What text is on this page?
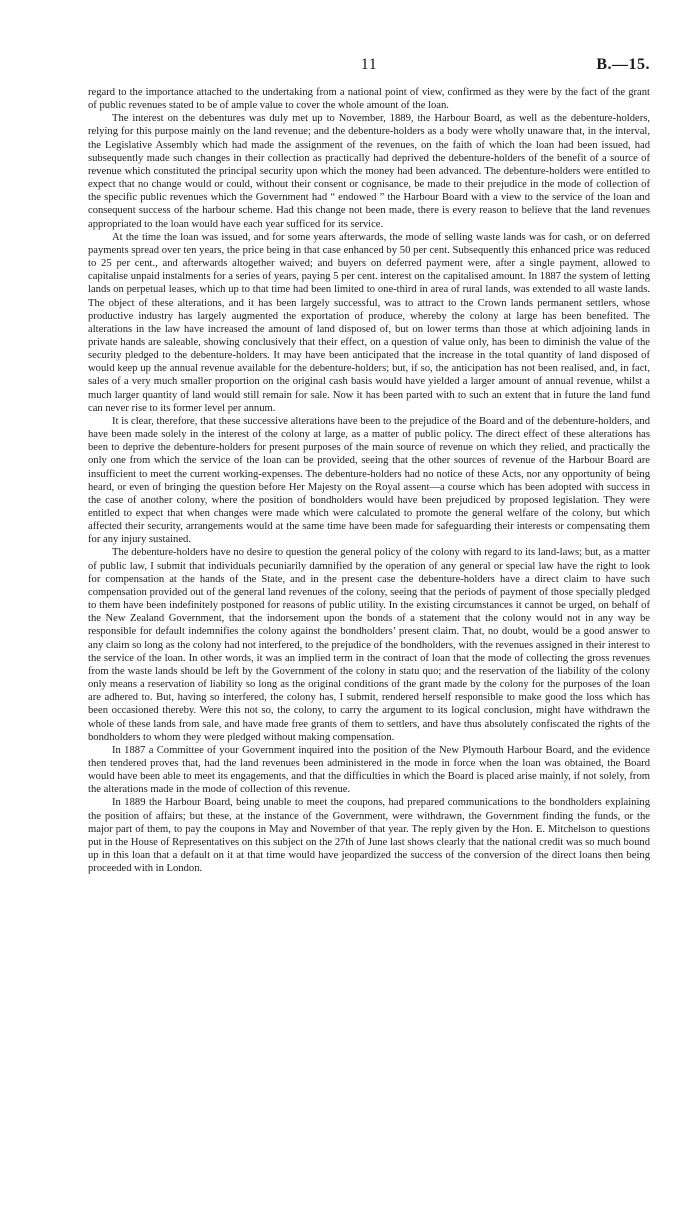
11	B.—15.

regard to the importance attached to the undertaking from a national point of view, confirmed as they were by the fact of the grant of public revenues stated to be of ample value to cover the whole amount of the loan.

The interest on the debentures was duly met up to November, 1889, the Harbour Board, as well as the debenture-holders, relying for this purpose mainly on the land revenue; and the debenture-holders as a body were wholly unaware that, in the interval, the Legislative Assembly which had made the assignment of the revenues, on the faith of which the loan had been issued, had subsequently made such changes in their collection as practically had deprived the debenture-holders of the benefit of a source of revenue which constituted the principal security upon which the money had been advanced. The debenture-holders were entitled to expect that no change would or could, without their consent or cognisance, be made to their prejudice in the mode of collection of the specific public revenues which the Government had “ endowed ” the Harbour Board with a view to the service of the loan and consequent success of the harbour scheme. Had this change not been made, there is every reason to believe that the land revenues appropriated to the loan would have each year sufficed for its service.

At the time the loan was issued, and for some years afterwards, the mode of selling waste lands was for cash, or on deferred payments spread over ten years, the price being in that case enhanced by 50 per cent. Subsequently this enhanced price was reduced to 25 per cent., and afterwards altogether waived; and buyers on deferred payment were, after a single payment, allowed to capitalise unpaid instalments for a series of years, paying 5 per cent. interest on the capitalised amount. In 1887 the system of letting lands on perpetual leases, which up to that time had been limited to one-third in area of rural lands, was extended to all waste lands. The object of these alterations, and it has been largely successful, was to attract to the Crown lands permanent settlers, whose productive industry has largely augmented the exportation of produce, whereby the colony at large has been benefited. The alterations in the law have increased the amount of land disposed of, but on lower terms than those at which adjoining lands in private hands are saleable, showing conclusively that their effect, on a question of value only, has been to diminish the value of the security pledged to the debenture-holders. It may have been anticipated that the increase in the total quantity of land disposed of would keep up the annual revenue available for the debenture-holders; but, if so, the anticipation has not been realised, and, in fact, sales of a very much smaller proportion on the original cash basis would have yielded a larger amount of annual revenue, whilst a much larger quantity of land would still remain for sale. Now it has been parted with to such an extent that in future the land fund can never rise to its former level per annum.

It is clear, therefore, that these successive alterations have been to the prejudice of the Board and of the debenture-holders, and have been made solely in the interest of the colony at large, as a matter of public policy. The direct effect of these alterations has been to deprive the debenture-holders for present purposes of the main source of revenue on which they relied, and practically the only one from which the service of the loan can be provided, seeing that the other sources of revenue of the Harbour Board are insufficient to meet the current working-expenses. The debenture-holders had no notice of these Acts, nor any opportunity of being heard, or even of bringing the question before Her Majesty on the Royal assent—a course which has been adopted with success in the case of another colony, where the position of bondholders would have been prejudiced by proposed legislation. They were entitled to expect that when changes were made which were calculated to promote the general welfare of the colony, but which affected their security, arrangements would at the same time have been made for safeguarding their interests or compensating them for any injury sustained.

The debenture-holders have no desire to question the general policy of the colony with regard to its land-laws; but, as a matter of public law, I submit that individuals pecuniarily damnified by the operation of any general or special law have the right to look for compensation at the hands of the State, and in the present case the debenture-holders have a direct claim to have such compensation provided out of the general land revenues of the colony, seeing that the periods of payment of those specially pledged to them have been indefinitely postponed for reasons of public utility. In the existing circumstances it cannot be urged, on behalf of the New Zealand Government, that the indorsement upon the bonds of a statement that the colony would not in any way be responsible for default indemnifies the colony against the bondholders’ present claim. That, no doubt, would be a good answer to any claim so long as the colony had not interfered, to the prejudice of the bondholders, with the revenues assigned in their interest to the service of the loan. In other words, it was an implied term in the contract of loan that the mode of collecting the gross revenues from the waste lands should be left by the Government of the colony in statu quo; and the reservation of the liability of the colony only means a reservation of liability so long as the original conditions of the grant made by the colony for the purposes of the loan are adhered to. But, having so interfered, the colony has, I submit, rendered herself responsible to make good the loss which has been occasioned thereby. Were this not so, the colony, to carry the argument to its logical conclusion, might have withdrawn the whole of these lands from sale, and have made free grants of them to settlers, and have thus absolutely confiscated the rights of the bondholders to whom they were pledged without making compensation.

In 1887 a Committee of your Government inquired into the position of the New Plymouth Harbour Board, and the evidence then tendered proves that, had the land revenues been administered in the mode in force when the loan was obtained, the Board would have been able to meet its engagements, and that the difficulties in which the Board is placed arise mainly, if not solely, from the alterations made in the mode of collection of this revenue.

In 1889 the Harbour Board, being unable to meet the coupons, had prepared communications to the bondholders explaining the position of affairs; but these, at the instance of the Government, were withdrawn, the Government finding the funds, or the major part of them, to pay the coupons in May and November of that year. The reply given by the Hon. E. Mitchelson to questions put in the House of Representatives on this subject on the 27th of June last shows clearly that the national credit was so much bound up in this loan that a default on it at that time would have jeopardized the success of the conversion of the direct loans then being proceeded with in London.
